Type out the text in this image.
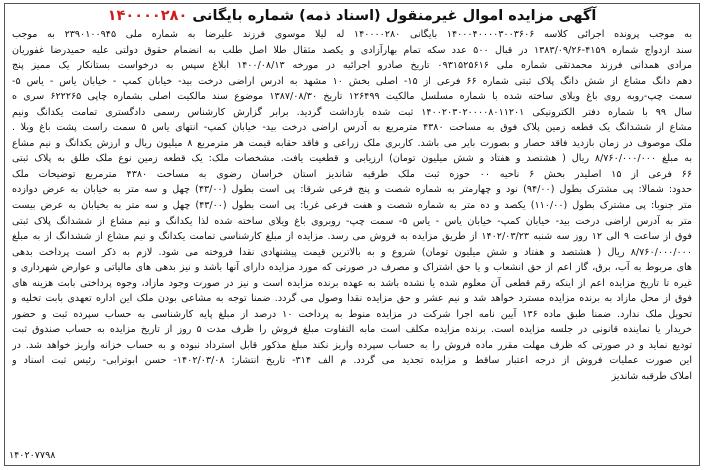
آگهی مزایده اموال غیرمنقول (اسناد ذمه) شماره بایگانی ۱۴۰۰۰۰۲۸۰
به موجب پرونده اجرائی کلاسه ۱۴۰۰۰۴۰۰۰۰۳۰۰۳۶۰۶ بایگانی ۱۴۰۰۰۰۲۸۰ له لیلا موسوی فرزند علیرضا به شماره ملی ۲۳۹۰۱۰۰۹۴۵ به موجب
سند ازدواج شماره ۴۱۵۹-۱۳۸۳/۰۹/۲۶ در قبال ۵۰۰ عدد سکه تمام بهارآزادی و یکصد مثقال طلا اصل طلب به انضمام حقوق دولتی علیه حمیدرضا غفوریان
مرادی همدانی فرزند محمدتقی شماره ملی ۰۹۳۱۵۲۵۶۱۶ تاریخ صادرو اجرائیه در مورخه ۱۴۰۰/۰۸/۱۳ ابلاغ سپس به درخواست بستانکار یک ممیز پنج
دهم دانگ مشاع از شش دانگ پلاک ثبتی شماره ۶۶ فرعی از ۱۵- اصلی بخش ۱۰ مشهد به ادرس اراضی درخت بید- خیابان کمپ - خیابان یاس - یاس ۵-
سمت چپ-روبه روی باغ ویلای ساخته شده با شماره مسلسل مالکیت ۱۲۶۴۹۹ تاریخ ۱۳۸۷/۰۸/۳۰ موضوع سند مالکیت اصلی بشماره چاپی ۶۲۲۲۶۵ سری ه
سال ۹۹ با شماره دفتر الکترونیکی ۱۴۰۰۲۰۳۰۲۰۰۰۰۸۰۱۱۲۰۱ ثبت شده بازداشت گردید. برابر گزارش کارشناس رسمی دادگستری تمامت یکدانگ ونیم
مشاع از ششدانگ یک قطعه زمین پلاک فوق به مساحت ۴۳۸۰ مترمربع به آدرس اراضی درخت بید- خیابان کمپ- انتهای یاس ۵ سمت راست پشت باغ ویلا .
ملک موصوف در زمان بازدید فاقد حصار و بصورت بایر می باشد. کاربری ملک زراعی و فاقد حقابه قیمت هر مترمربع ۸ میلیون ریال و ارزش یکدانگ و نیم مشاع
به مبلغ ۸/۷۶۰/۰۰۰/۰۰۰ ریال ( هشتصد و هفتاد و شش میلیون تومان) ارزیابی و قطعیت یافت. مشخصات ملک: یک قطعه زمین نوع ملک طلق به پلاک ثبتی
۶۶ فرعی از ۱۵ اصلیدر بخش ۶ ناحیه ۰۰ حوزه ثبت ملک طرقبه شاندیز استان خراسان رضوی به مساحت ۴۳۸۰ مترمربع توضیحات ملک
حدود: شمالا: پی مشترک بطول (۹۴/۰۰) نود و چهارمتر به شماره شصت و پنج فرعی شرقا: پی است بطول (۴۳/۰۰) چهل و سه متر به خیابان به عرض دوازده
متر جنوبا: پی مشترک بطول (۱۱۰/۰۰) یکصد و ده متر به شماره شصت و هفت فرعی غربا: پی است بطول (۴۳/۰۰) چهل و سه متر به بخیابان به عرض بیست
متر به آدرس اراضی درخت بید- خیابان کمپ- خیابان یاس - یاس ۵- سمت چپ- روبروی باغ ویلای ساخته شده لذا یکدانگ و نیم مشاع از ششدانگ پلاک ثبتی
فوق از ساعت ۹ الی ۱۲ روز سه شنبه ۱۴۰۲/۰۳/۲۳ از طریق مزایده به فروش می رسد. مزایده از مبلغ کارشناسی تمامت یکدانگ و نیم مشاع از ششدانگ از به مبلغ
۸/۷۶۰/۰۰۰/۰۰۰ ریال ( هشتصد و هفتاد و شش میلیون تومان) شروع و به بالاترین قیمت پیشنهادی نقدا فروخته می شود. لازم به ذکر است پرداخت بدهی
های مربوط به آب، برق، گاز اعم از حق انشعاب و یا حق اشتراک و مصرف در صورتی که مورد مزایده دارای آنها باشد و نیز بدهی های مالیاتی و عوارض شهرداری و
غیره تا تاریخ مزایده اعم از اینکه رقم قطعی آن معلوم شده یا نشده باشد به عهده برنده مزایده است و نیز در صورت وجود مازاد، وجوه پرداختی بابت هزینه های
فوق از محل مازاد به برنده مزایده مسترد خواهد شد و نیم عشر و حق مزایده نقدا وصول می گردد. ضمنا توجه به مشاعی بودن ملک این اداره تعهدی بابت تخلیه و
تحویل ملک ندارد. ضمنا طبق ماده ۱۳۶ آیین نامه اجرا شرکت در مزایده منوط به پرداخت ۱۰ درصد از مبلغ پایه کارشناسی به حساب سپرده ثبت و حضور
خریدار یا نماینده قانونی در جلسه مزایده است. برنده مزایده مکلف است مابه التفاوت مبلغ فروش را ظرف مدت ۵ روز از تاریخ مزایده به حساب صندوق ثبت
تودیع نماید و در صورتی که ظرف مهلت مقرر ماده فروش را به حساب سپرده واریز نکند مبلغ مذکور قابل استرداد نبوده و به حساب خزانه واریز خواهد شد. در
این صورت عملیات فروش از درجه اعتبار ساقط و مزایده تجدید می گردد. م الف ۳۱۴- تاریخ انتشار: ۱۴۰۲/۰۳/۰۸- حسن ابوترابی- رئیس ثبت اسناد و
املاک طرقبه شاندیز
۱۴۰۲۰۷۷۹۸
